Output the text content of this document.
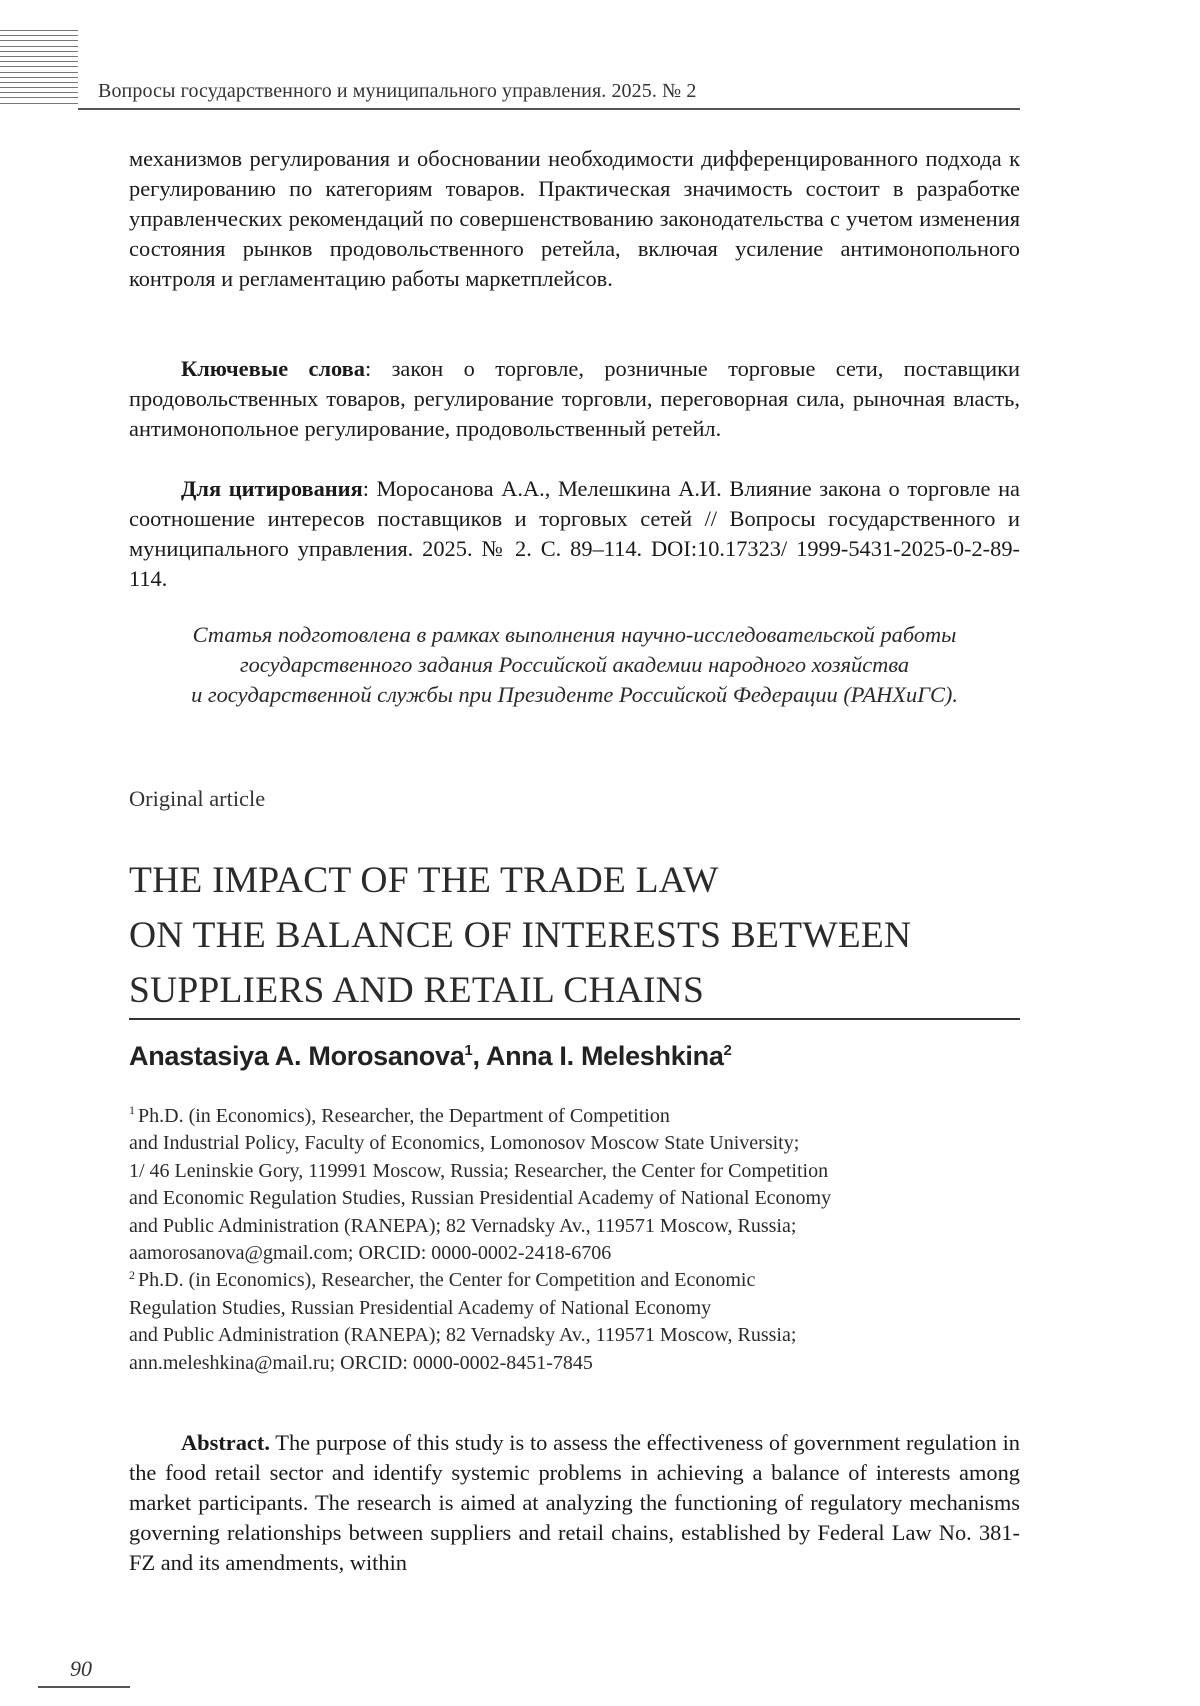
Вопросы государственного и муниципального управления. 2025. № 2

механизмов регулирования и обосновании необходимости дифференцированного подхода к регулированию по категориям товаров. Практическая значимость состоит в разработке управленческих рекомендаций по совершенствованию законодательства с учетом изменения состояния рынков продовольственного ретейла, включая усиление антимонопольного контроля и регламентацию работы маркетплейсов.

Ключевые слова: закон о торговле, розничные торговые сети, поставщики продовольственных товаров, регулирование торговли, переговорная сила, рыночная власть, антимонопольное регулирование, продовольственный ретейл.

Для цитирования: Моросанова А.А., Мелешкина А.И. Влияние закона о торговле на соотношение интересов поставщиков и торговых сетей // Вопросы государственного и муниципального управления. 2025. № 2. С. 89–114. DOI:10.17323/ 1999-5431-2025-0-2-89-114.

Статья подготовлена в рамках выполнения научно-исследовательской работы
государственного задания Российской академии народного хозяйства
и государственной службы при Президенте Российской Федерации (РАНХиГС).
Original article
THE IMPACT OF THE TRADE LAW
ON THE BALANCE OF INTERESTS BETWEEN
SUPPLIERS AND RETAIL CHAINS
Anastasiya A. Morosanova$^1$, Anna I. Meleshkina$^2$
$^1$ Ph.D. (in Economics), Researcher, the Department of Competition
and Industrial Policy, Faculty of Economics, Lomonosov Moscow State University;
1/ 46 Leninskie Gory, 119991 Moscow, Russia; Researcher, the Center for Competition
and Economic Regulation Studies, Russian Presidential Academy of National Economy
and Public Administration (RANEPA); 82 Vernadsky Av., 119571 Moscow, Russia;
aamorosanova@gmail.com; ORCID: 0000-0002-2418-6706
$^2$ Ph.D. (in Economics), Researcher, the Center for Competition and Economic
Regulation Studies, Russian Presidential Academy of National Economy
and Public Administration (RANEPA); 82 Vernadsky Av., 119571 Moscow, Russia;
ann.meleshkina@mail.ru; ORCID: 0000-0002-8451-7845

Abstract. The purpose of this study is to assess the effectiveness of government regulation in the food retail sector and identify systemic problems in achieving a balance of interests among market participants. The research is aimed at analyzing the functioning of regulatory mechanisms governing relationships between suppliers and retail chains, established by Federal Law No. 381-FZ and its amendments, within

90
